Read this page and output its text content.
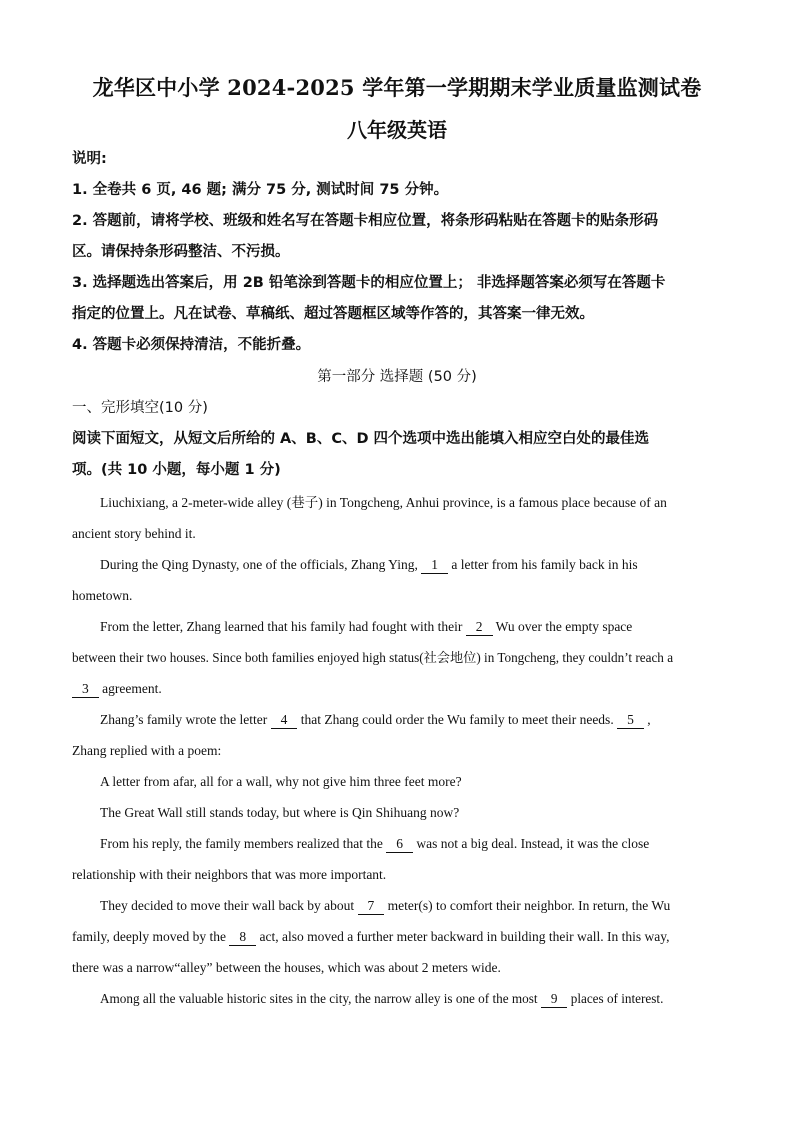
龙华区中小学 2024-2025 学年第一学期期末学业质量监测试卷
八年级英语
说明:
1. 全卷共 6 页, 46 题; 满分 75 分, 测试时间 75 分钟。
2. 答题前，请将学校、班级和姓名写在答题卡相应位置，将条形码粘贴在答题卡的贴条形码
区。请保持条形码整洁、不污损。
3. 选择题选出答案后，用 2B 铅笔涂到答题卡的相应位置上； 非选择题答案必须写在答题卡
指定的位置上。凡在试卷、草稿纸、超过答题框区域等作答的，其答案一律无效。
4. 答题卡必须保持清洁，不能折叠。
第一部分 选择题 (50 分)
一、完形填空(10 分)
阅读下面短文，从短文后所给的 A、B、C、D 四个选项中选出能填入相应空白处的最佳选
项。(共 10 小题，每小题 1 分)
Liuchixiang, a 2-meter-wide alley (巷子) in Tongcheng, Anhui province, is a famous place because of an
ancient story behind it.
During the Qing Dynasty, one of the officials, Zhang Ying, 1 a letter from his family back in his
hometown.
From the letter, Zhang learned that his family had fought with their 2 Wu over the empty space
between their two houses. Since both families enjoyed high status(社会地位) in Tongcheng, they couldn’t reach a
3 agreement.
Zhang’s family wrote the letter 4 that Zhang could order the Wu family to meet their needs. 5 ,
Zhang replied with a poem:
A letter from afar, all for a wall, why not give him three feet more?
The Great Wall still stands today, but where is Qin Shihuang now?
From his reply, the family members realized that the 6 was not a big deal. Instead, it was the close
relationship with their neighbors that was more important.
They decided to move their wall back by about 7 meter(s) to comfort their neighbor. In return, the Wu
family, deeply moved by the 8 act, also moved a further meter backward in building their wall. In this way,
there was a narrow“alley” between the houses, which was about 2 meters wide.
Among all the valuable historic sites in the city, the narrow alley is one of the most 9 places of interest.
